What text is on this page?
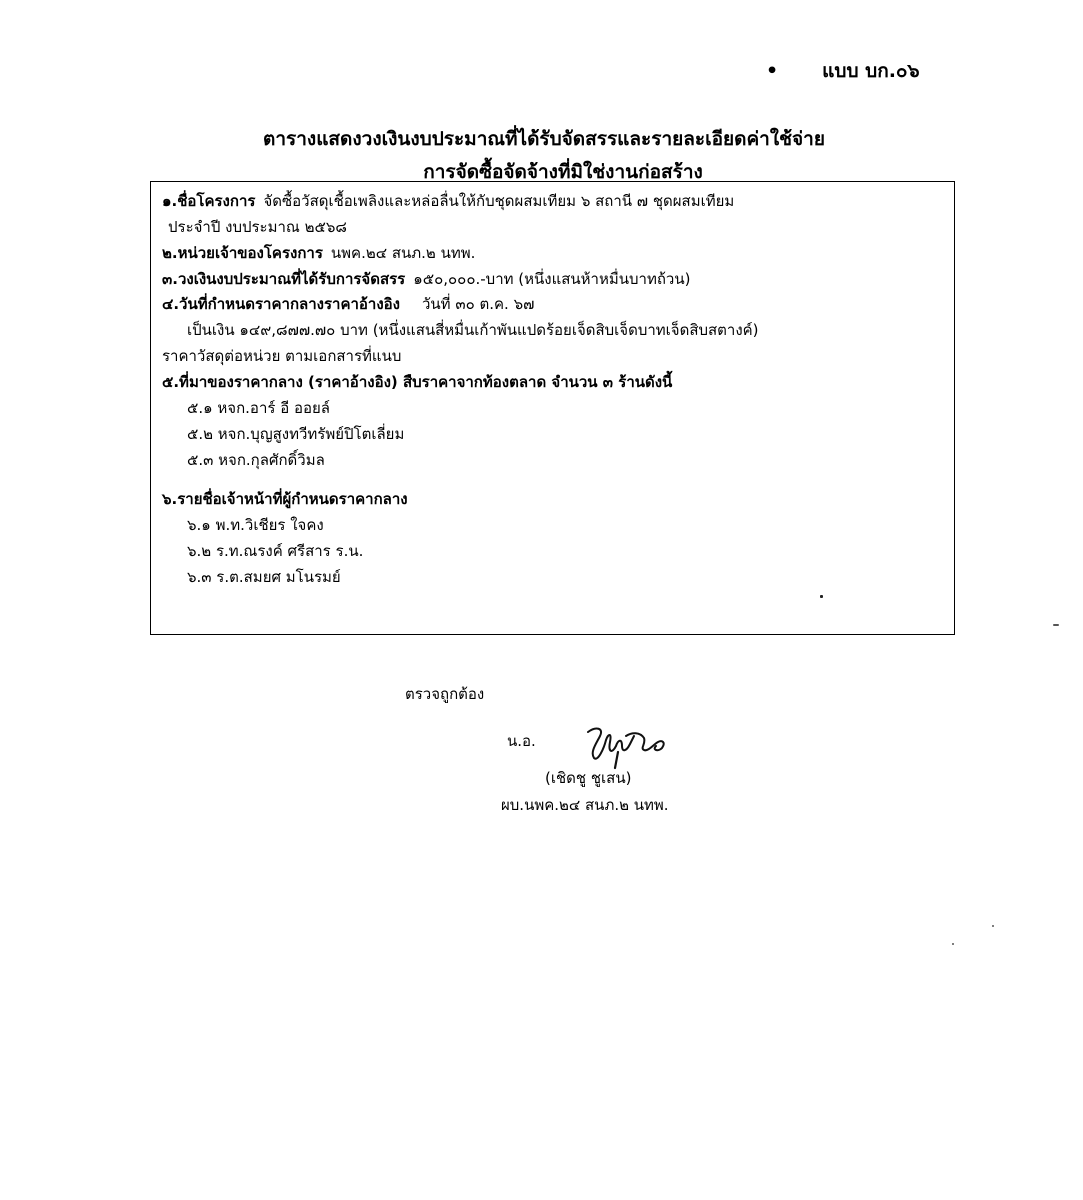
• แบบ บก.๐๖
ตารางแสดงวงเงินงบประมาณที่ได้รับจัดสรรและรายละเอียดค่าใช้จ่าย
การจัดซื้อจัดจ้างที่มิใช่งานก่อสร้าง
๑.ชื่อโครงการ จัดซื้อวัสดุเชื้อเพลิงและหล่อลื่นให้กับชุดผสมเทียม ๖ สถานี ๗ ชุดผสมเทียม
ประจำปี งบประมาณ ๒๕๖๘
๒.หน่วยเจ้าของโครงการ นพค.๒๔ สนภ.๒ นทพ.
๓.วงเงินงบประมาณที่ได้รับการจัดสรร ๑๕๐,๐๐๐.-บาท (หนึ่งแสนห้าหมื่นบาทถ้วน)
๔.วันที่กำหนดราคากลางราคาอ้างอิง วันที่ ๓๐ ต.ค. ๖๗
เป็นเงิน ๑๔๙,๘๗๗.๗๐ บาท (หนึ่งแสนสี่หมื่นเก้าพันแปดร้อยเจ็ดสิบเจ็ดบาทเจ็ดสิบสตางค์)
ราคาวัสดุต่อหน่วย ตามเอกสารที่แนบ
๕.ที่มาของราคากลาง (ราคาอ้างอิง) สืบราคาจากท้องตลาด จำนวน ๓ ร้านดังนี้
๕.๑ หจก.อาร์ อี ออยล์
๕.๒ หจก.บุญสูงทวีทรัพย์ปิโตเลี่ยม
๕.๓ หจก.กุลศักดิ์วิมล
๖.รายชื่อเจ้าหน้าที่ผู้กำหนดราคากลาง
๖.๑ พ.ท.วิเชียร ใจคง
๖.๒ ร.ท.ณรงค์ ศรีสาร ร.น.
๖.๓ ร.ต.สมยศ มโนรมย์
ตรวจถูกต้อง
น.อ.
(เชิดชู ชูเสน)
ผบ.นพค.๒๔ สนภ.๒ นทพ.
